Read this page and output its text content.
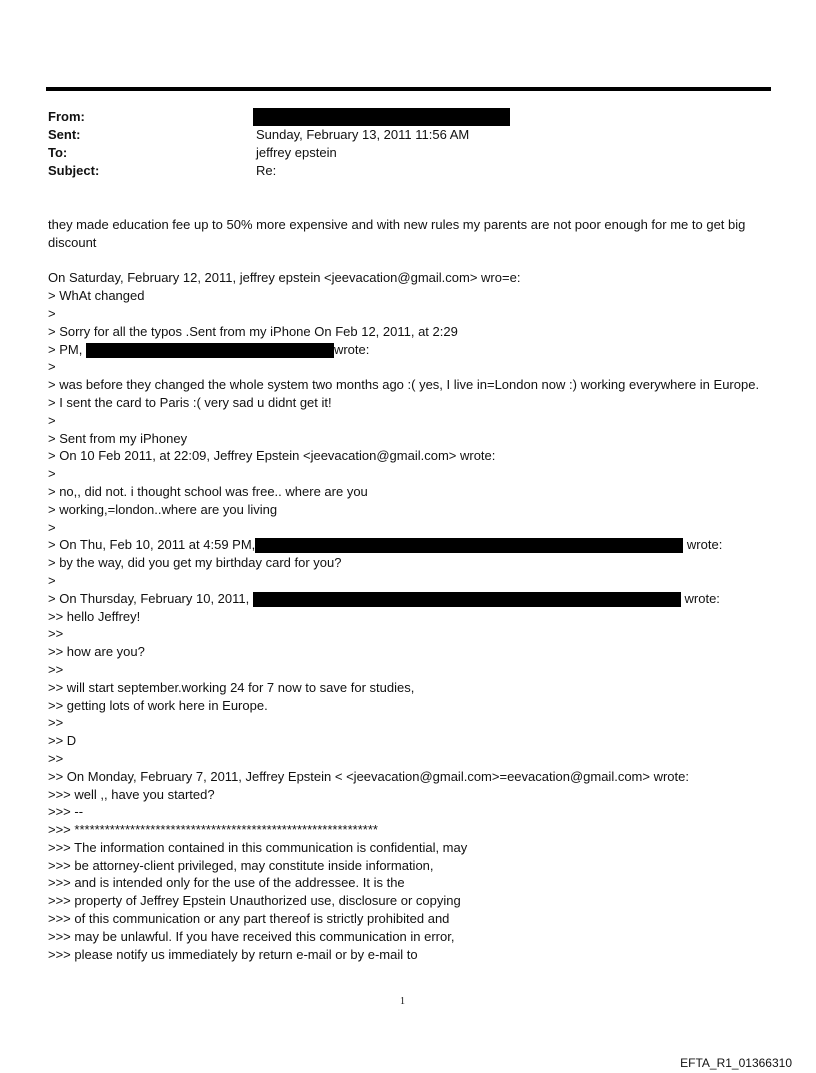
From:
Sent:	Sunday, February 13, 2011 11:56 AM
To:	jeffrey epstein
Subject:	Re:
they made education fee up to 50% more expensive and with new rules my parents are not poor enough for me to get big discount
On Saturday, February 12, 2011, jeffrey epstein <jeevacation@gmail.com> wro=e:
> WhAt changed
>
> Sorry for all the typos .Sent from my iPhone On Feb 12, 2011, at 2:29
> PM,	wrote:
>
> was before they changed the whole system two months ago :( yes, I live in=London now :) working everywhere in Europe.
> I sent the card to Paris :( very sad u didnt get it!
>
> Sent from my iPhoney
> On 10 Feb 2011, at 22:09, Jeffrey Epstein <jeevacation@gmail.com> wrote:
>
> no,, did not. i thought school was free.. where are you
> working,=london..where are you living
>
> On Thu, Feb 10, 2011 at 4:59 PM,	wrote:
> by the way, did you get my birthday card for you?
>
> On Thursday, February 10, 2011,	wrote:
>> hello Jeffrey!
>>
>> how are you?
>>
>> will start september.working 24 for 7 now to save for studies,
>> getting lots of work here in Europe.
>>
>> D
>>
>> On Monday, February 7, 2011, Jeffrey Epstein < <jeevacation@gmail.com>=eevacation@gmail.com> wrote:
>>> well ,, have you started?
>>> --
>>> ************************************************************
>>> The information contained in this communication is confidential, may
>>> be attorney-client privileged, may constitute inside information,
>>> and is intended only for the use of the addressee. It is the
>>> property of Jeffrey Epstein Unauthorized use, disclosure or copying
>>> of this communication or any part thereof is strictly prohibited and
>>> may be unlawful. If you have received this communication in error,
>>> please notify us immediately by return e-mail or by e-mail to
1
EFTA_R1_01366310
